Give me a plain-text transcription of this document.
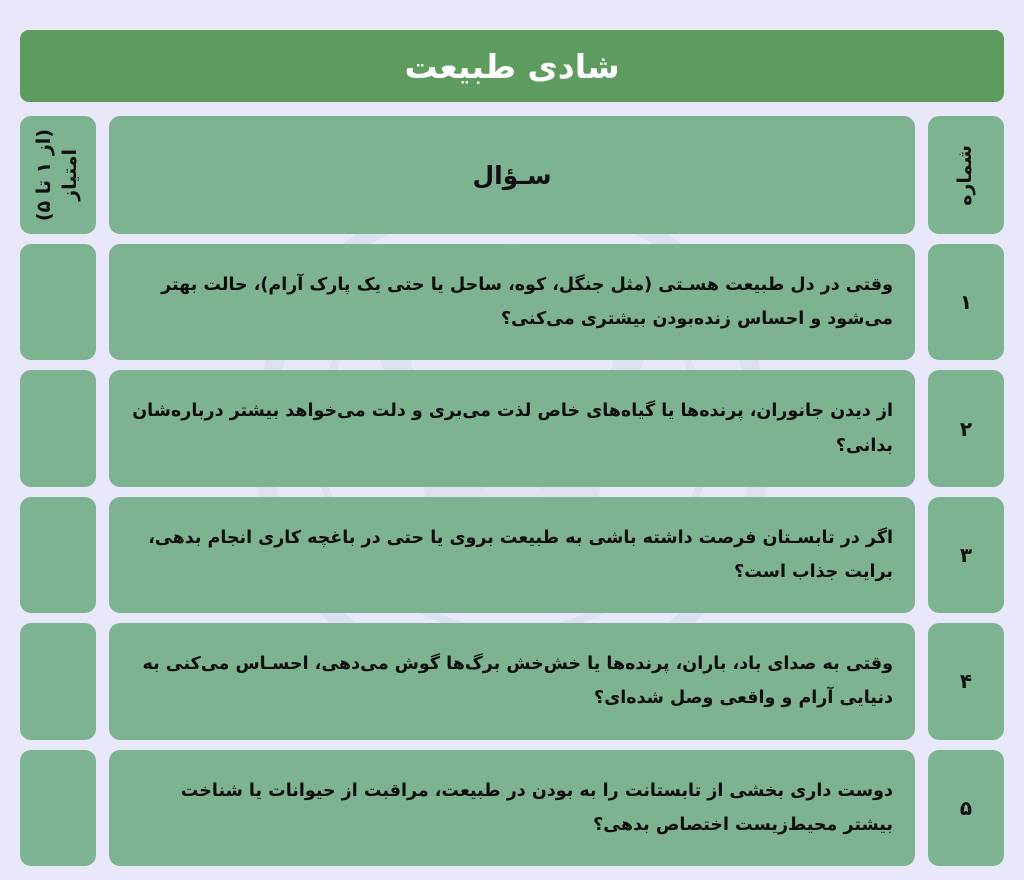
شادی طبیعت
شماره
سـؤال
امتیاز
(از ۱ تا ۵)
۱
وقتی در دل طبیعت هسـتی (مثل جنگل، کوه، ساحل یا حتی یک پارک آرام)، حالت بهتر می‌شود و احساس زنده‌بودن بیشتری می‌کنی؟
۲
از دیدن جانوران، پرنده‌ها یا گیاه‌های خاص لذت می‌بری و دلت می‌خواهد بیشتر درباره‌شان بدانی؟
۳
اگر در تابسـتان فرصت داشته باشی به طبیعت بروی یا حتی در باغچه کاری انجام بدهی، برایت جذاب است؟
۴
وقتی به صدای باد، باران، پرنده‌ها یا خش‌خش برگ‌ها گوش می‌دهی، احسـاس می‌کنی به دنیایی آرام و واقعی وصل شده‌ای؟
۵
دوست داری بخشی از تابستانت را به بودن در طبیعت، مراقبت از حیوانات یا شناخت بیشتر محیط‌زیست اختصاص بدهی؟
